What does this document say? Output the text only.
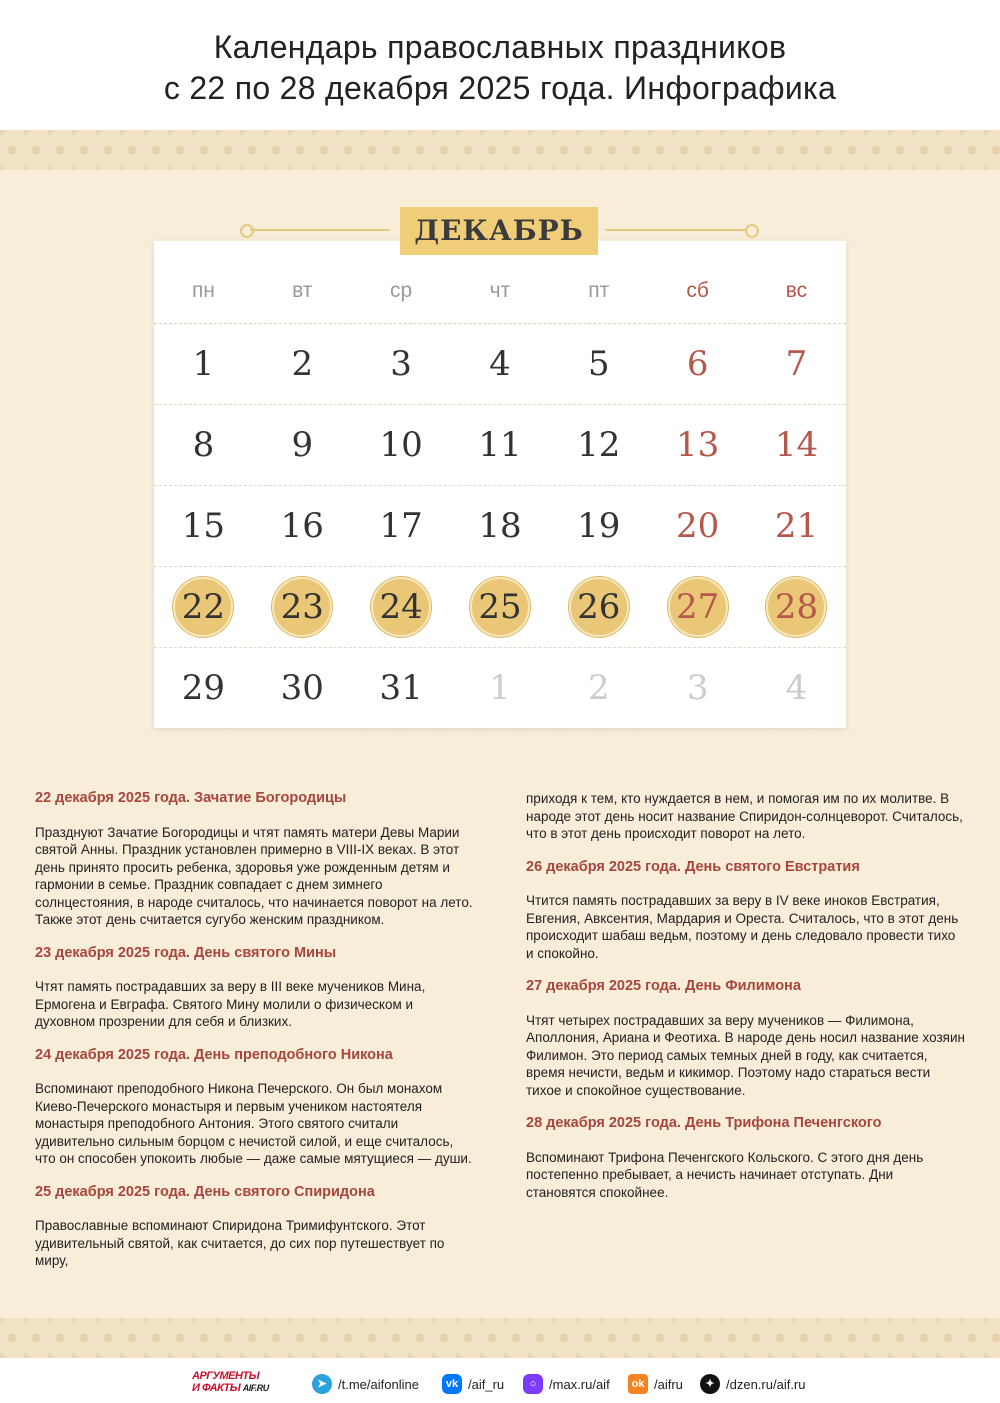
Календарь православных праздников
с 22 по 28 декабря 2025 года. Инфографика
ДЕКАБРЬ
пн	вт	ср	чт	пт	сб	вс
1	2	3	4	5	6	7
8	9	10	11	12	13	14
15	16	17	18	19	20	21
22	23	24	25	26	27	28
29	30	31	1	2	3	4
22 декабря 2025 года. Зачатие Богородицы
Празднуют Зачатие Богородицы и чтят память матери Девы Марии святой Анны. Праздник установлен примерно в VIII-IX веках. В этот день принято просить ребенка, здоровья уже рожденным детям и гармонии в семье. Праздник совпадает с днем зимнего солнцестояния, в народе считалось, что начинается поворот на лето. Также этот день считается сугубо женским праздником.
23 декабря 2025 года. День святого Мины
Чтят память пострадавших за веру в III веке мучеников Мина, Ермогена и Евграфа. Святого Мину молили о физическом и духовном прозрении для себя и близких.
24 декабря 2025 года. День преподобного Никона
Вспоминают преподобного Никона Печерского. Он был монахом Киево-Печерского монастыря и первым учеником настоятеля монастыря преподобного Антония. Этого святого считали удивительно сильным борцом с нечистой силой, и еще считалось, что он способен упокоить любые — даже самые мятущиеся — души.
25 декабря 2025 года. День святого Спиридона
Православные вспоминают Спиридона Тримифунтского. Этот удивительный святой, как считается, до сих пор путешествует по миру,
приходя к тем, кто нуждается в нем, и помогая им по их молитве. В народе этот день носит название Спиридон-солнцеворот. Считалось, что в этот день происходит поворот на лето.
26 декабря 2025 года. День святого Евстратия
Чтится память пострадавших за веру в IV веке иноков Евстратия, Евгения, Авксентия, Мардария и Ореста. Считалось, что в этот день происходит шабаш ведьм, поэтому и день следовало провести тихо и спокойно.
27 декабря 2025 года. День Филимона
Чтят четырех пострадавших за веру мучеников — Филимона, Аполлония, Ариана и Феотиха. В народе день носил название хозяин Филимон. Это период самых темных дней в году, как считается, время нечисти, ведьм и кикимор. Поэтому надо стараться вести тихое и спокойное существование.
28 декабря 2025 года. День Трифона Печенгского
Вспоминают Трифона Печенгского Кольского. С этого дня день постепенно пребывает, а нечисть начинает отступать. Дни становятся спокойнее.
АРГУМЕНТЫ
И ФАКТЫ AIF.RU	➤ /t.me/aifonline	vk /aif_ru	○ /max.ru/aif	ok /aifru	✦ /dzen.ru/aif.ru
